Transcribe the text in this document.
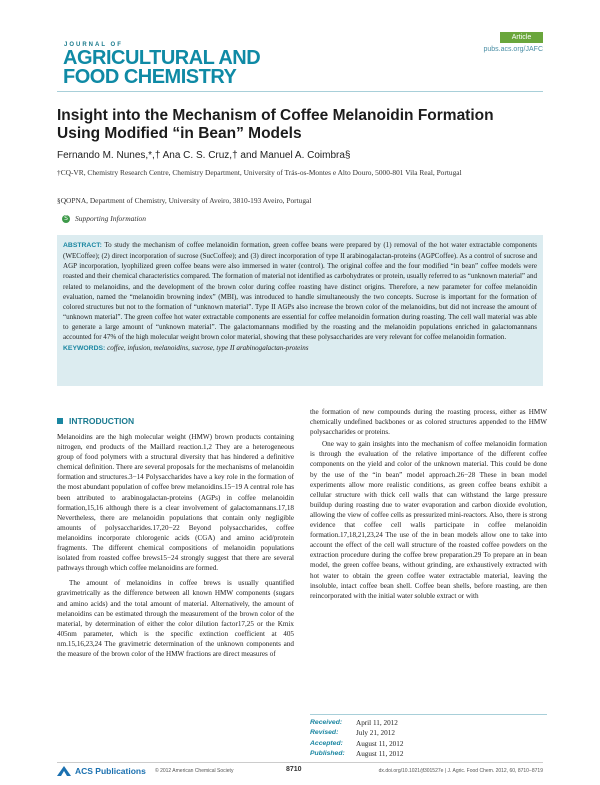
JOURNAL OF
AGRICULTURAL AND
FOOD CHEMISTRY
Article
pubs.acs.org/JAFC
Insight into the Mechanism of Coffee Melanoidin Formation Using Modified “in Bean” Models
Fernando M. Nunes,*,† Ana C. S. Cruz,† and Manuel A. Coimbra§
†CQ-VR, Chemistry Research Centre, Chemistry Department, University of Trás-os-Montes e Alto Douro, 5000-801 Vila Real, Portugal
§QOPNA, Department of Chemistry, University of Aveiro, 3810-193 Aveiro, Portugal
S Supporting Information
ABSTRACT: To study the mechanism of coffee melanoidin formation, green coffee beans were prepared by (1) removal of the hot water extractable components (WECoffee); (2) direct incorporation of sucrose (SucCoffee); and (3) direct incorporation of type II arabinogalactan-proteins (AGPCoffee). As a control of sucrose and AGP incorporation, lyophilized green coffee beans were also immersed in water (control). The original coffee and the four modified “in bean” coffee models were roasted and their chemical characteristics compared. The formation of material not identified as carbohydrates or protein, usually referred to as “unknown material” and related to melanoidins, and the development of the brown color during coffee roasting have distinct origins. Therefore, a new parameter for coffee melanoidin evaluation, named the “melanoidin browning index” (MBI), was introduced to handle simultaneously the two concepts. Sucrose is important for the formation of colored structures but not to the formation of “unknown material”. Type II AGPs also increase the brown color of the melanoidins, but did not increase the amount of “unknown material”. The green coffee hot water extractable components are essential for coffee melanoidin formation during roasting. The cell wall material was able to generate a large amount of “unknown material”. The galactomannans modified by the roasting and the melanoidin populations enriched in galactomannans accounted for 47% of the high molecular weight brown color material, showing that these polysaccharides are very relevant for coffee melanoidin formation.
KEYWORDS: coffee, infusion, melanoidins, sucrose, type II arabinogalactan-proteins
INTRODUCTION

Melanoidins are the high molecular weight (HMW) brown products containing nitrogen, end products of the Maillard reaction.1,2 They are a heterogeneous group of food polymers with a structural diversity that has hindered a definitive chemical definition. There are several proposals for the mechanisms of melanoidin formation and structures.3−14 Polysaccharides have a key role in the formation of the most abundant population of coffee brew melanoidins.15−19 A central role has been attributed to arabinogalactan-proteins (AGPs) in coffee melanoidin formation,15,16 although there is a clear involvement of galactomannans.17,18 Nevertheless, there are melanoidin populations that contain only negligible amounts of polysaccharides.17,20−22 Beyond polysaccharides, coffee melanoidins incorporate chlorogenic acids (CGA) and amino acid/protein fragments. The different chemical compositions of melanoidin populations isolated from roasted coffee brews15−24 strongly suggest that there are several pathways through which coffee melanoidins are formed.

The amount of melanoidins in coffee brews is usually quantified gravimetrically as the difference between all known HMW components (sugars and amino acids) and the total amount of material. Alternatively, the amount of melanoidins can be estimated through the measurement of the brown color of the material, by determination of either the color dilution factor17,25 or the Kmix 405nm parameter, which is the specific extinction coefficient at 405 nm.15,16,23,24 The gravimetric determination of the unknown components and the measure of the brown color of the HMW fractions are direct measures of

the formation of new compounds during the roasting process, either as HMW chemically undefined backbones or as colored structures appended to the HMW polysaccharides or proteins.

One way to gain insights into the mechanism of coffee melanoidin formation is through the evaluation of the relative importance of the different coffee components on the yield and color of the unknown material. This could be done by the use of the “in bean” model approach.26−28 These in bean model experiments allow more realistic conditions, as green coffee beans exhibit a cellular structure with thick cell walls that can withstand the large pressure buildup during roasting due to water evaporation and carbon dioxide evolution, allowing the view of coffee cells as pressurized mini-reactors. Also, there is strong evidence that coffee cell walls participate in coffee melanoidin formation.17,18,21,23,24 The use of the in bean models allow one to take into account the effect of the cell wall structure of the roasted coffee powders on the extraction procedure during the coffee brew preparation.29 To prepare an in bean model, the green coffee beans, without grinding, are exhaustively extracted with hot water to obtain the green coffee water extractable material, leaving the insoluble, intact coffee bean shell. Coffee bean shells, before roasting, are then reincorporated with the initial water soluble extract or with

Received:	April 11, 2012
Revised:	July 21, 2012
Accepted:	August 11, 2012
Published:	August 11, 2012
ACS Publications © 2012 American Chemical Society	8710	dx.doi.org/10.1021/jf301527e | J. Agric. Food Chem. 2012, 60, 8710−8719
